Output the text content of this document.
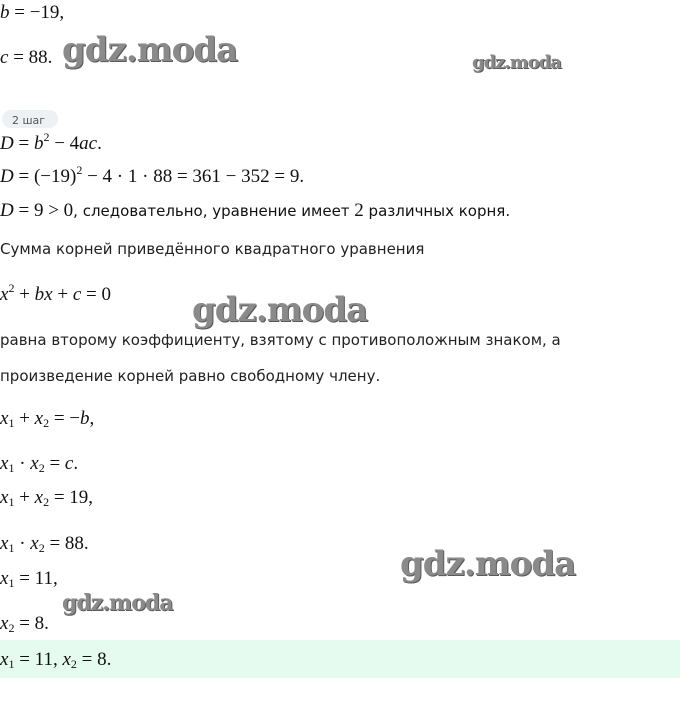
b = −19,
c = 88.
2 шаг
$D = b^2 - 4ac$.
$D = (-19)^2 - 4 \cdot 1 \cdot 88 = 361 - 352 = 9$.
D = 9 > 0, следовательно, уравнение имеет 2 различных корня.
Сумма корней приведённого квадратного уравнения
$x^2$ + bx + c = 0
равна второму коэффициенту, взятому с противоположным знаком, а
произведение корней равно свободному члену.
$x_1 + x_2 = -b$,
$x_1 \cdot x_2 = c$.
$x_1 + x_2 = 19$,
$x_1 \cdot x_2 = 88$.
$x_1 = 11$,
$x_2 = 8$.
$x_1 = 11$, $x_2 = 8$.
gdz.moda	gdz.moda
gdz.moda
gdz.moda
gdz.moda
